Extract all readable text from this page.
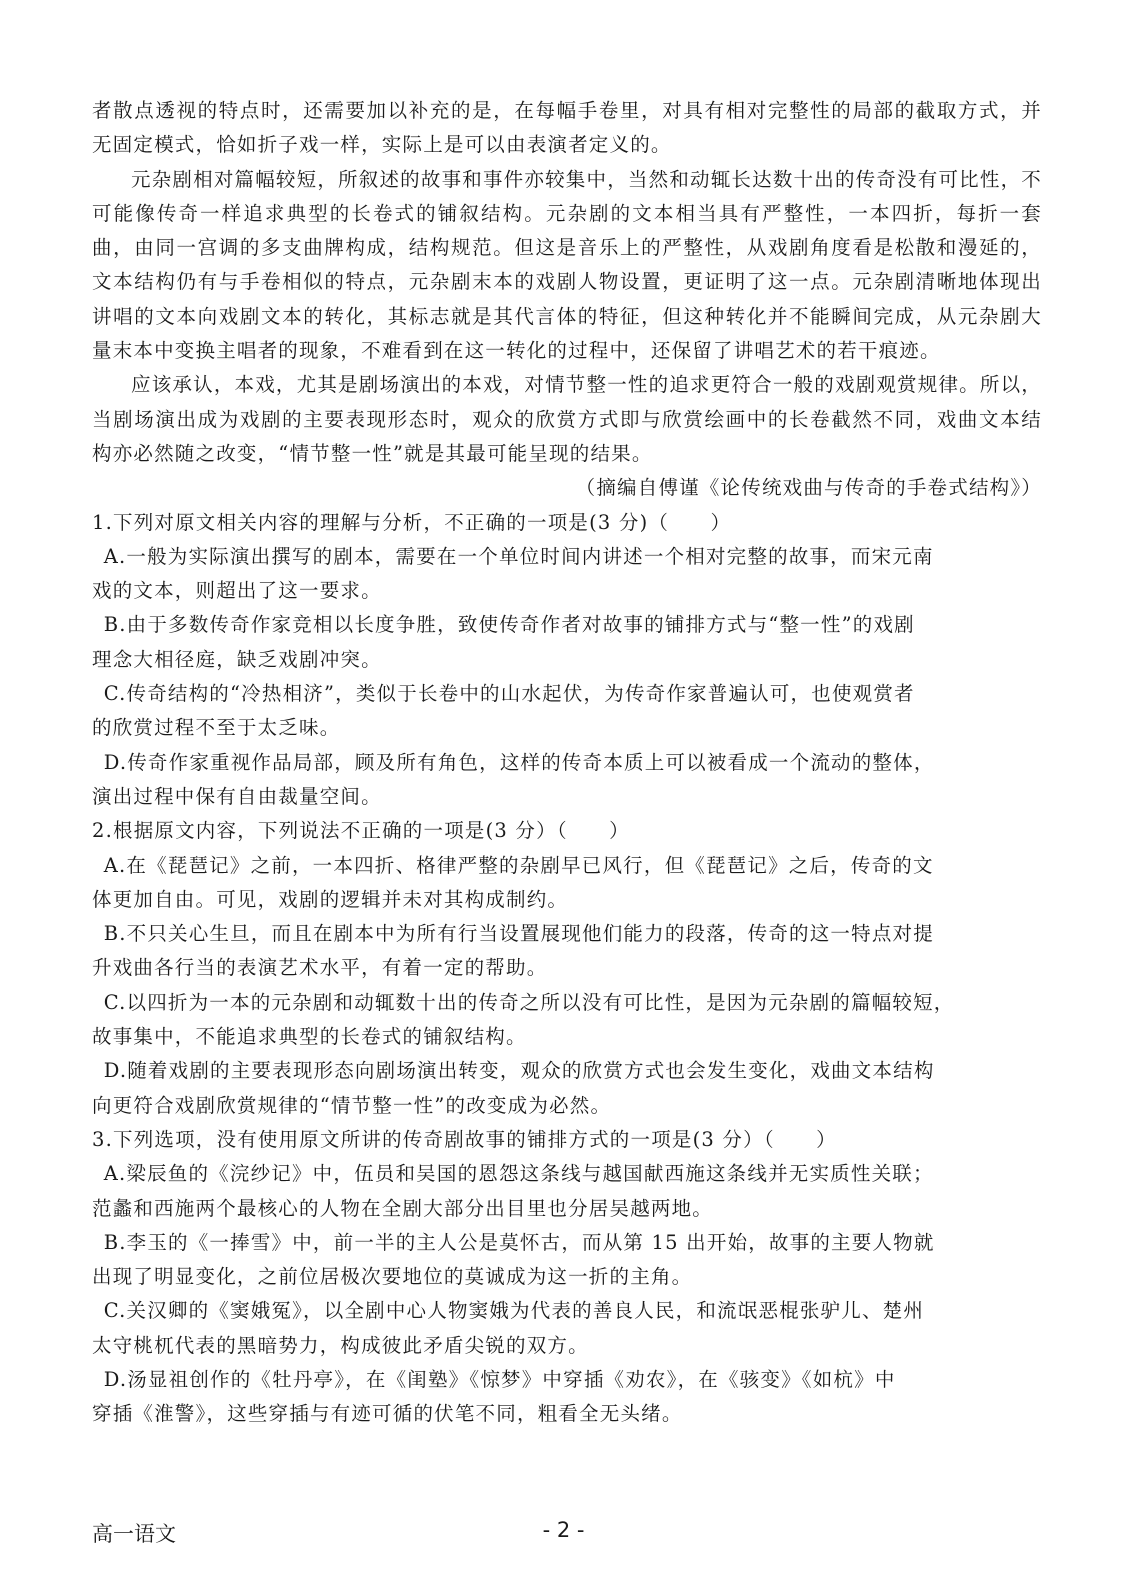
者散点透视的特点时，还需要加以补充的是，在每幅手卷里，对具有相对完整性的局部的截取方式，并无固定模式，恰如折子戏一样，实际上是可以由表演者定义的。

元杂剧相对篇幅较短，所叙述的故事和事件亦较集中，当然和动辄长达数十出的传奇没有可比性，不可能像传奇一样追求典型的长卷式的铺叙结构。元杂剧的文本相当具有严整性，一本四折，每折一套曲，由同一宫调的多支曲牌构成，结构规范。但这是音乐上的严整性，从戏剧角度看是松散和漫延的，文本结构仍有与手卷相似的特点，元杂剧末本的戏剧人物设置，更证明了这一点。元杂剧清晰地体现出讲唱的文本向戏剧文本的转化，其标志就是其代言体的特征，但这种转化并不能瞬间完成，从元杂剧大量末本中变换主唱者的现象，不难看到在这一转化的过程中，还保留了讲唱艺术的若干痕迹。

应该承认，本戏，尤其是剧场演出的本戏，对情节整一性的追求更符合一般的戏剧观赏规律。所以，当剧场演出成为戏剧的主要表现形态时，观众的欣赏方式即与欣赏绘画中的长卷截然不同，戏曲文本结构亦必然随之改变，“情节整一性”就是其最可能呈现的结果。

（摘编自傅谨《论传统戏曲与传奇的手卷式结构》）

1.下列对原文相关内容的理解与分析，不正确的一项是(3 分)（　　）

A.一般为实际演出撰写的剧本，需要在一个单位时间内讲述一个相对完整的故事，而宋元南

戏的文本，则超出了这一要求。

B.由于多数传奇作家竞相以长度争胜，致使传奇作者对故事的铺排方式与“整一性”的戏剧

理念大相径庭，缺乏戏剧冲突。

C.传奇结构的“冷热相济”，类似于长卷中的山水起伏，为传奇作家普遍认可，也使观赏者

的欣赏过程不至于太乏味。

D.传奇作家重视作品局部，顾及所有角色，这样的传奇本质上可以被看成一个流动的整体，

演出过程中保有自由裁量空间。

2.根据原文内容，下列说法不正确的一项是(3 分）（　　）

A.在《琵琶记》之前，一本四折、格律严整的杂剧早已风行，但《琵琶记》之后，传奇的文

体更加自由。可见，戏剧的逻辑并未对其构成制约。

B.不只关心生旦，而且在剧本中为所有行当设置展现他们能力的段落，传奇的这一特点对提

升戏曲各行当的表演艺术水平，有着一定的帮助。

C.以四折为一本的元杂剧和动辄数十出的传奇之所以没有可比性，是因为元杂剧的篇幅较短，

故事集中，不能追求典型的长卷式的铺叙结构。

D.随着戏剧的主要表现形态向剧场演出转变，观众的欣赏方式也会发生变化，戏曲文本结构

向更符合戏剧欣赏规律的“情节整一性”的改变成为必然。

3.下列选项，没有使用原文所讲的传奇剧故事的铺排方式的一项是(3 分）（　　）

A.梁辰鱼的《浣纱记》中，伍员和吴国的恩怨这条线与越国献西施这条线并无实质性关联；

范蠡和西施两个最核心的人物在全剧大部分出目里也分居吴越两地。

B.李玉的《一捧雪》中，前一半的主人公是莫怀古，而从第 15 出开始，故事的主要人物就

出现了明显变化，之前位居极次要地位的莫诚成为这一折的主角。

C.关汉卿的《窦娥冤》，以全剧中心人物窦娥为代表的善良人民，和流氓恶棍张驴儿、楚州

太守桃杌代表的黑暗势力，构成彼此矛盾尖锐的双方。

D.汤显祖创作的《牡丹亭》，在《闺塾》《惊梦》中穿插《劝农》，在《骇变》《如杭》中

穿插《淮警》，这些穿插与有迹可循的伏笔不同，粗看全无头绪。

高一语文	- 2 -
